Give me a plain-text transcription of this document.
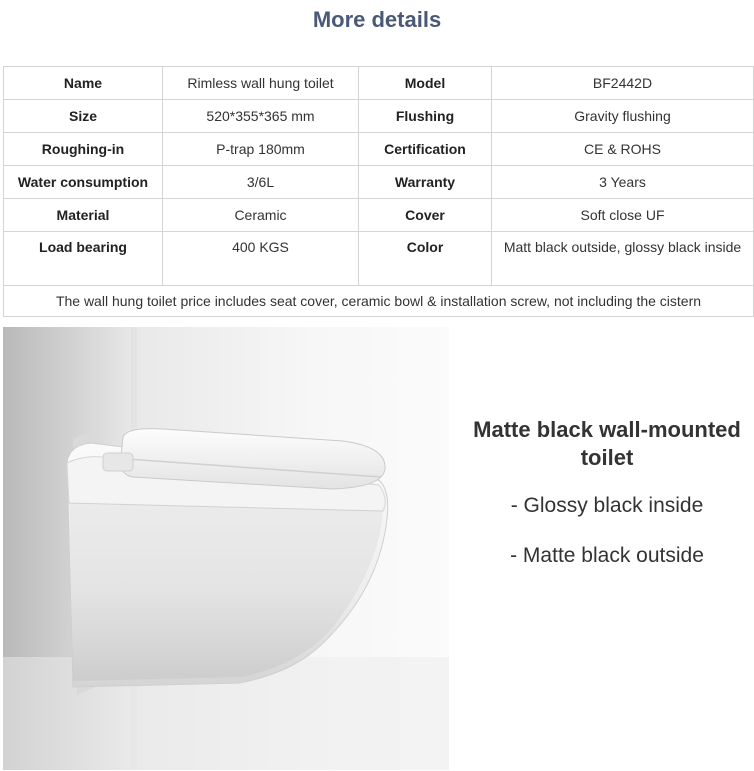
More details
Name	Rimless wall hung toilet	Model	BF2442D
Size	520*355*365 mm	Flushing	Gravity flushing
Roughing-in	P-trap 180mm	Certification	CE & ROHS
Water consumption	3/6L	Warranty	3 Years
Material	Ceramic	Cover	Soft close UF
Load bearing	400 KGS	Color	Matt black outside, glossy black inside
The wall hung toilet price includes seat cover, ceramic bowl & installation screw, not including the cistern			
Matte black wall-mounted toilet
- Glossy black inside
- Matte black outside
